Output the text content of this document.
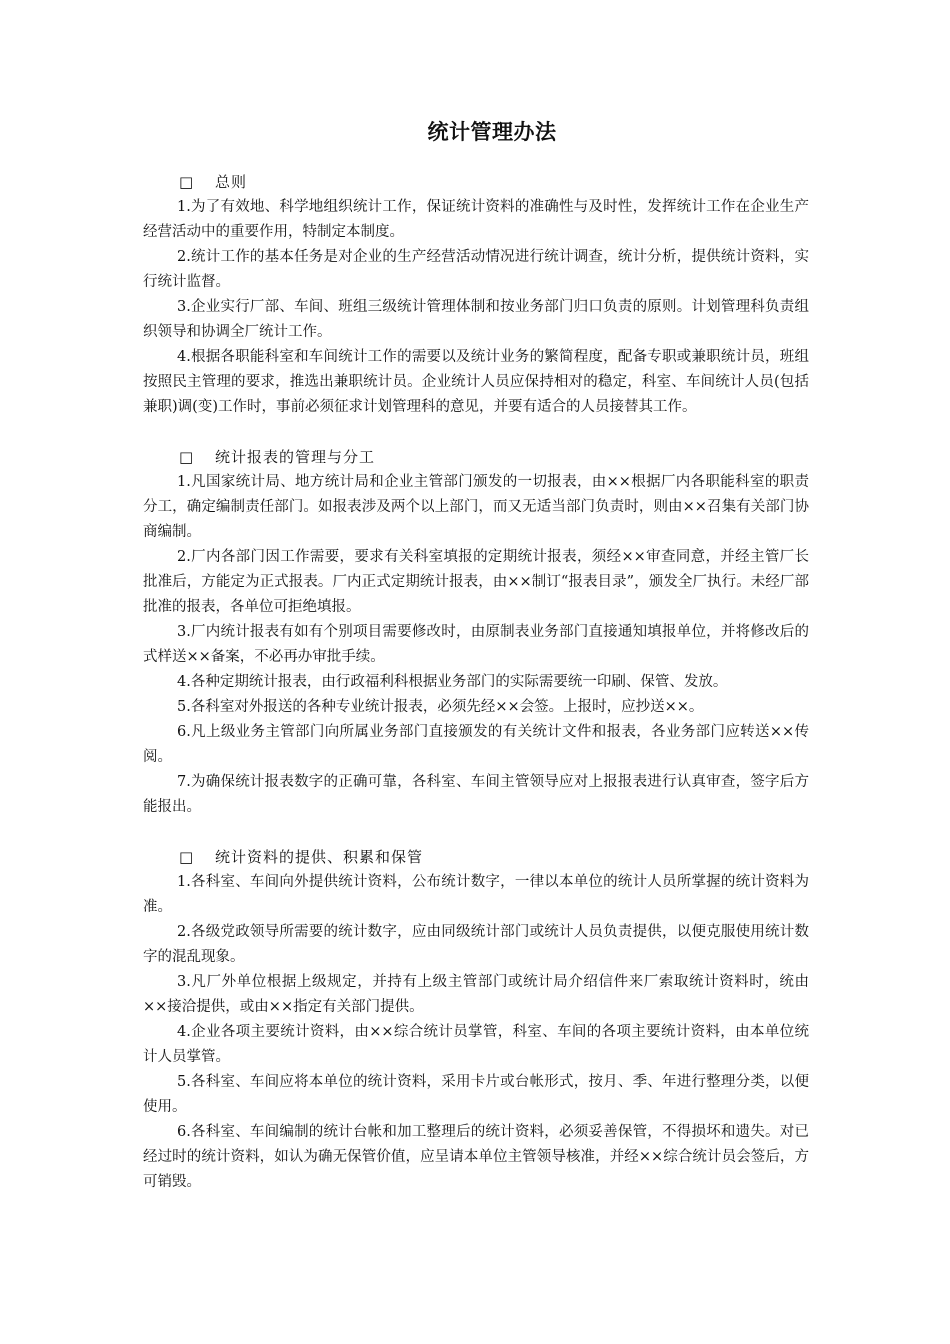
统计管理办法
□ 总则

1.为了有效地、科学地组织统计工作，保证统计资料的准确性与及时性，发挥统计工作在企业生产经营活动中的重要作用，特制定本制度。

2.统计工作的基本任务是对企业的生产经营活动情况进行统计调查，统计分析，提供统计资料，实行统计监督。

3.企业实行厂部、车间、班组三级统计管理体制和按业务部门归口负责的原则。计划管理科负责组织领导和协调全厂统计工作。

4.根据各职能科室和车间统计工作的需要以及统计业务的繁简程度，配备专职或兼职统计员，班组按照民主管理的要求，推选出兼职统计员。企业统计人员应保持相对的稳定，科室、车间统计人员(包括兼职)调(变)工作时，事前必须征求计划管理科的意见，并要有适合的人员接替其工作。

□ 统计报表的管理与分工

1.凡国家统计局、地方统计局和企业主管部门颁发的一切报表，由××根据厂内各职能科室的职责分工，确定编制责任部门。如报表涉及两个以上部门，而又无适当部门负责时，则由××召集有关部门协商编制。

2.厂内各部门因工作需要，要求有关科室填报的定期统计报表，须经××审查同意，并经主管厂长批准后，方能定为正式报表。厂内正式定期统计报表，由××制订“报表目录”，颁发全厂执行。未经厂部批准的报表，各单位可拒绝填报。

3.厂内统计报表有如有个别项目需要修改时，由原制表业务部门直接通知填报单位，并将修改后的式样送××备案，不必再办审批手续。

4.各种定期统计报表，由行政福利科根据业务部门的实际需要统一印刷、保管、发放。

5.各科室对外报送的各种专业统计报表，必须先经××会签。上报时，应抄送××。

6.凡上级业务主管部门向所属业务部门直接颁发的有关统计文件和报表，各业务部门应转送××传阅。

7.为确保统计报表数字的正确可靠，各科室、车间主管领导应对上报报表进行认真审查，签字后方能报出。

□ 统计资料的提供、积累和保管

1.各科室、车间向外提供统计资料，公布统计数字，一律以本单位的统计人员所掌握的统计资料为准。

2.各级党政领导所需要的统计数字，应由同级统计部门或统计人员负责提供，以便克服使用统计数字的混乱现象。

3.凡厂外单位根据上级规定，并持有上级主管部门或统计局介绍信件来厂索取统计资料时，统由××接洽提供，或由××指定有关部门提供。

4.企业各项主要统计资料，由××综合统计员掌管，科室、车间的各项主要统计资料，由本单位统计人员掌管。

5.各科室、车间应将本单位的统计资料，采用卡片或台帐形式，按月、季、年进行整理分类，以便使用。

6.各科室、车间编制的统计台帐和加工整理后的统计资料，必须妥善保管，不得损坏和遗失。对已经过时的统计资料，如认为确无保管价值，应呈请本单位主管领导核准，并经××综合统计员会签后，方可销毁。
